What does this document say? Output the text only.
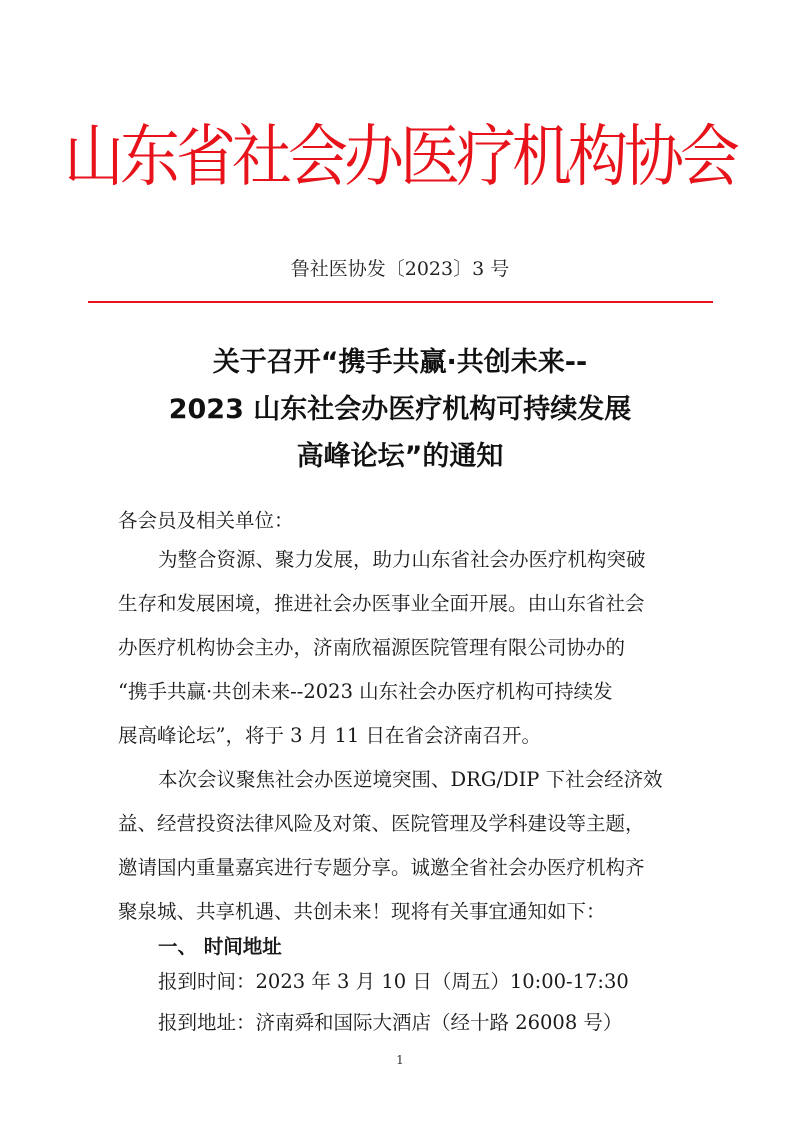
山东省社会办医疗机构协会
鲁社医协发〔2023〕3 号
关于召开“携手共赢·共创未来--
2023 山东社会办医疗机构可持续发展
高峰论坛”的通知
各会员及相关单位：
为整合资源、聚力发展，助力山东省社会办医疗机构突破
生存和发展困境，推进社会办医事业全面开展。由山东省社会
办医疗机构协会主办，济南欣福源医院管理有限公司协办的
“携手共赢·共创未来--2023 山东社会办医疗机构可持续发
展高峰论坛”，将于 3 月 11 日在省会济南召开。
本次会议聚焦社会办医逆境突围、DRG/DIP 下社会经济效
益、经营投资法律风险及对策、医院管理及学科建设等主题，
邀请国内重量嘉宾进行专题分享。诚邀全省社会办医疗机构齐
聚泉城、共享机遇、共创未来！现将有关事宜通知如下：
一、 时间地址
报到时间：2023 年 3 月 10 日（周五）10:00-17:30
报到地址：济南舜和国际大酒店（经十路 26008 号）
1
